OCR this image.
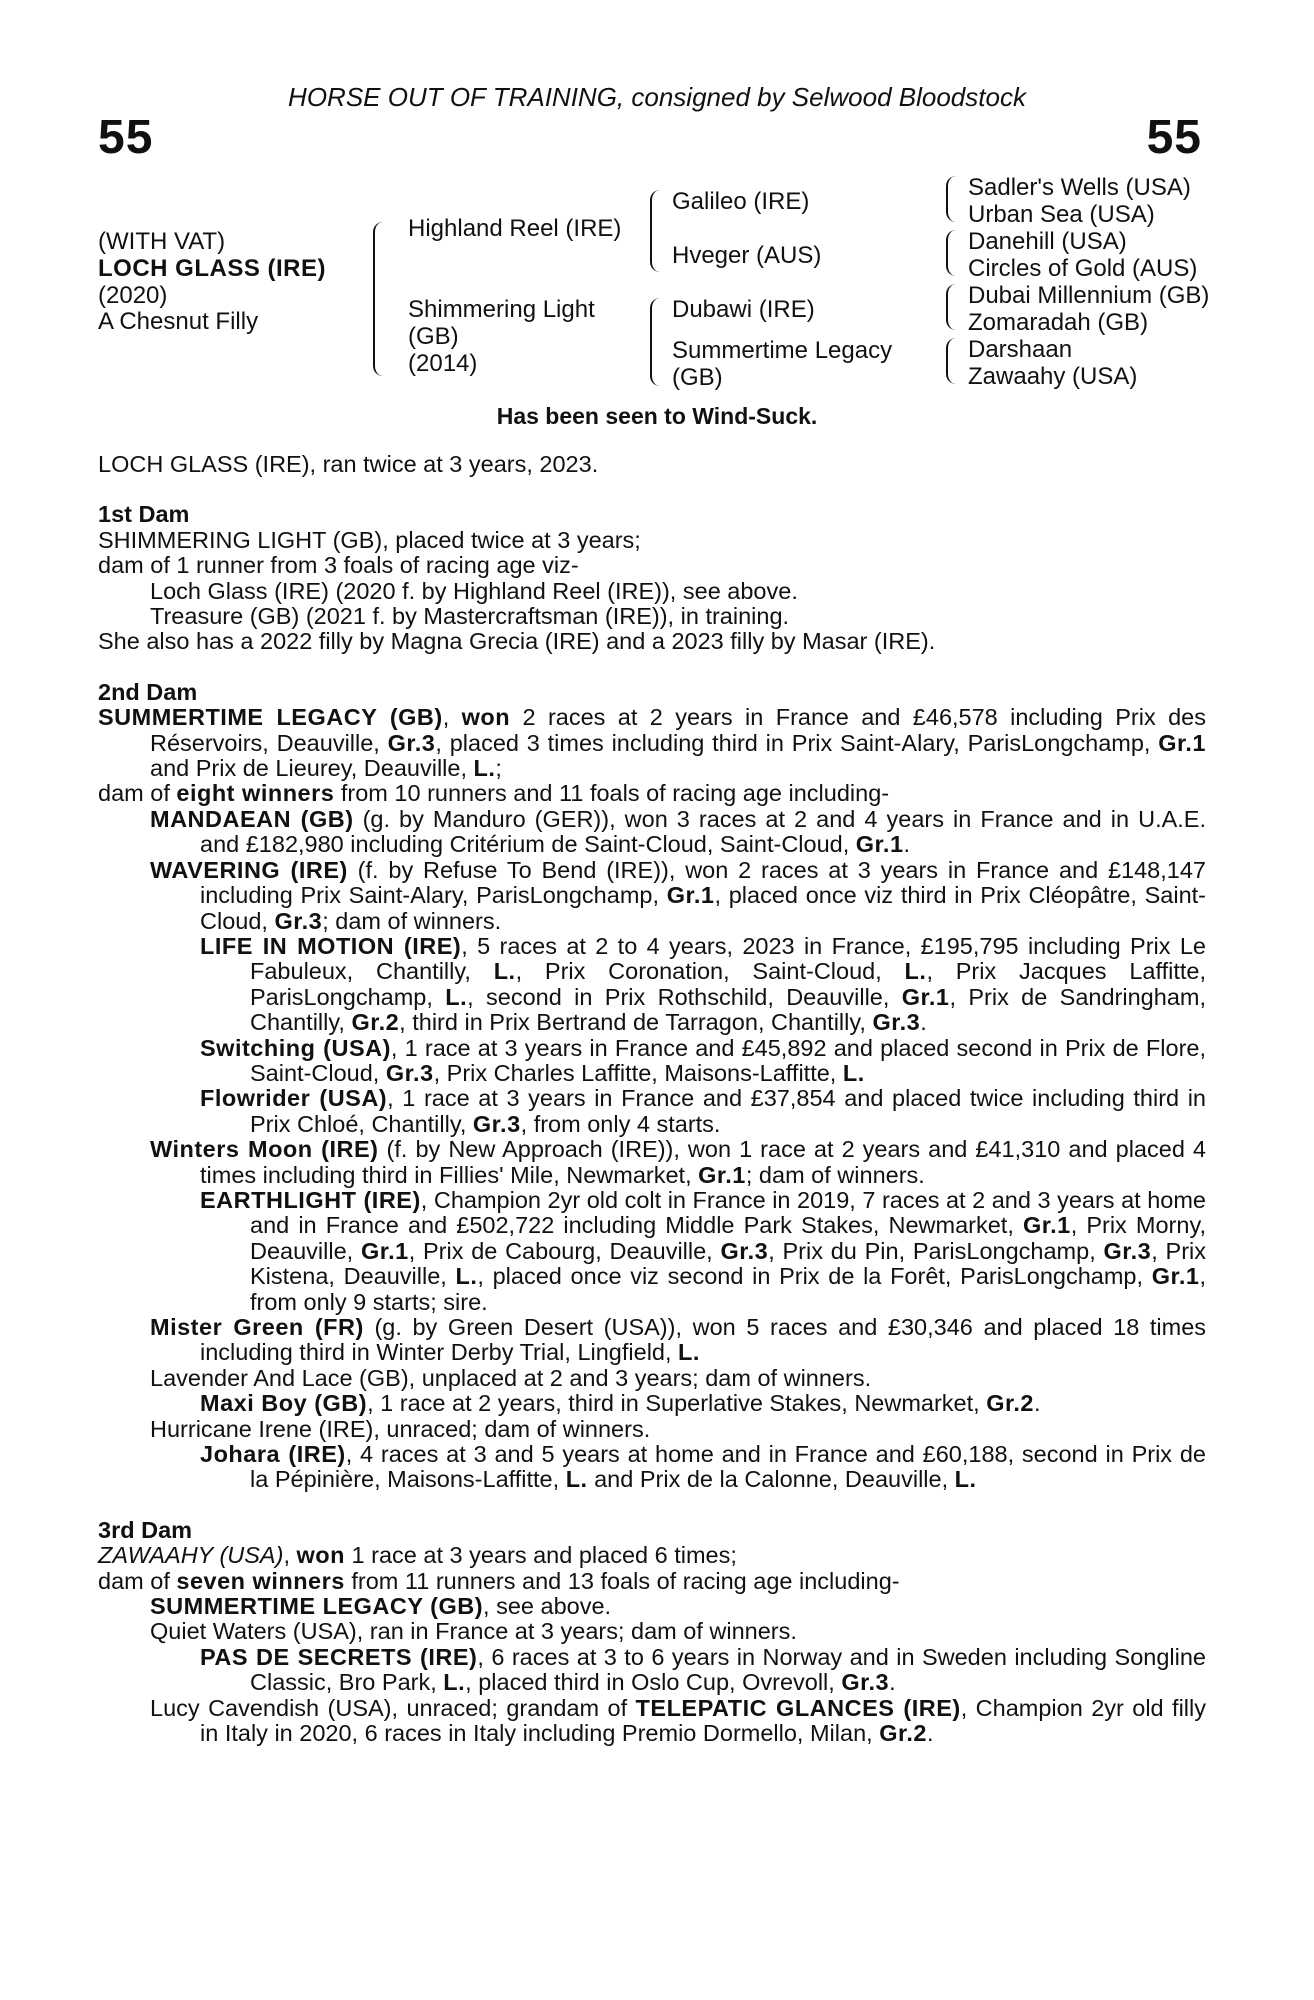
HORSE OUT OF TRAINING, consigned by Selwood Bloodstock
55	55
(WITH VAT)
LOCH GLASS (IRE)
(2020)
A Chesnut Filly
Highland Reel (IRE)
Shimmering Light
(GB)
(2014)
Galileo (IRE)
Hveger (AUS)
Dubawi (IRE)
Summertime Legacy
(GB)
Sadler's Wells (USA)
Urban Sea (USA)
Danehill (USA)
Circles of Gold (AUS)
Dubai Millennium (GB)
Zomaradah (GB)
Darshaan
Zawaahy (USA)
Has been seen to Wind-Suck.

LOCH GLASS (IRE), ran twice at 3 years, 2023.

1st Dam

SHIMMERING LIGHT (GB), placed twice at 3 years;

dam of 1 runner from 3 foals of racing age viz-

Loch Glass (IRE) (2020 f. by Highland Reel (IRE)), see above.

Treasure (GB) (2021 f. by Mastercraftsman (IRE)), in training.

She also has a 2022 filly by Magna Grecia (IRE) and a 2023 filly by Masar (IRE).

2nd Dam

SUMMERTIME LEGACY (GB), won 2 races at 2 years in France and £46,578 including Prix des Réservoirs, Deauville, Gr.3, placed 3 times including third in Prix Saint-Alary, ParisLongchamp, Gr.1 and Prix de Lieurey, Deauville, L.;

dam of eight winners from 10 runners and 11 foals of racing age including-

MANDAEAN (GB) (g. by Manduro (GER)), won 3 races at 2 and 4 years in France and in U.A.E. and £182,980 including Critérium de Saint-Cloud, Saint-Cloud, Gr.1.

WAVERING (IRE) (f. by Refuse To Bend (IRE)), won 2 races at 3 years in France and £148,147 including Prix Saint-Alary, ParisLongchamp, Gr.1, placed once viz third in Prix Cléopâtre, Saint-Cloud, Gr.3; dam of winners.

LIFE IN MOTION (IRE), 5 races at 2 to 4 years, 2023 in France, £195,795 including Prix Le Fabuleux, Chantilly, L., Prix Coronation, Saint-Cloud, L., Prix Jacques Laffitte, ParisLongchamp, L., second in Prix Rothschild, Deauville, Gr.1, Prix de Sandringham, Chantilly, Gr.2, third in Prix Bertrand de Tarragon, Chantilly, Gr.3.

Switching (USA), 1 race at 3 years in France and £45,892 and placed second in Prix de Flore, Saint-Cloud, Gr.3, Prix Charles Laffitte, Maisons-Laffitte, L.

Flowrider (USA), 1 race at 3 years in France and £37,854 and placed twice including third in Prix Chloé, Chantilly, Gr.3, from only 4 starts.

Winters Moon (IRE) (f. by New Approach (IRE)), won 1 race at 2 years and £41,310 and placed 4 times including third in Fillies' Mile, Newmarket, Gr.1; dam of winners.

EARTHLIGHT (IRE), Champion 2yr old colt in France in 2019, 7 races at 2 and 3 years at home and in France and £502,722 including Middle Park Stakes, Newmarket, Gr.1, Prix Morny, Deauville, Gr.1, Prix de Cabourg, Deauville, Gr.3, Prix du Pin, ParisLongchamp, Gr.3, Prix Kistena, Deauville, L., placed once viz second in Prix de la Forêt, ParisLongchamp, Gr.1, from only 9 starts; sire.

Mister Green (FR) (g. by Green Desert (USA)), won 5 races and £30,346 and placed 18 times including third in Winter Derby Trial, Lingfield, L.

Lavender And Lace (GB), unplaced at 2 and 3 years; dam of winners.

Maxi Boy (GB), 1 race at 2 years, third in Superlative Stakes, Newmarket, Gr.2.

Hurricane Irene (IRE), unraced; dam of winners.

Johara (IRE), 4 races at 3 and 5 years at home and in France and £60,188, second in Prix de la Pépinière, Maisons-Laffitte, L. and Prix de la Calonne, Deauville, L.

3rd Dam

ZAWAAHY (USA), won 1 race at 3 years and placed 6 times;

dam of seven winners from 11 runners and 13 foals of racing age including-

SUMMERTIME LEGACY (GB), see above.

Quiet Waters (USA), ran in France at 3 years; dam of winners.

PAS DE SECRETS (IRE), 6 races at 3 to 6 years in Norway and in Sweden including Songline Classic, Bro Park, L., placed third in Oslo Cup, Ovrevoll, Gr.3.

Lucy Cavendish (USA), unraced; grandam of TELEPATIC GLANCES (IRE), Champion 2yr old filly in Italy in 2020, 6 races in Italy including Premio Dormello, Milan, Gr.2.
